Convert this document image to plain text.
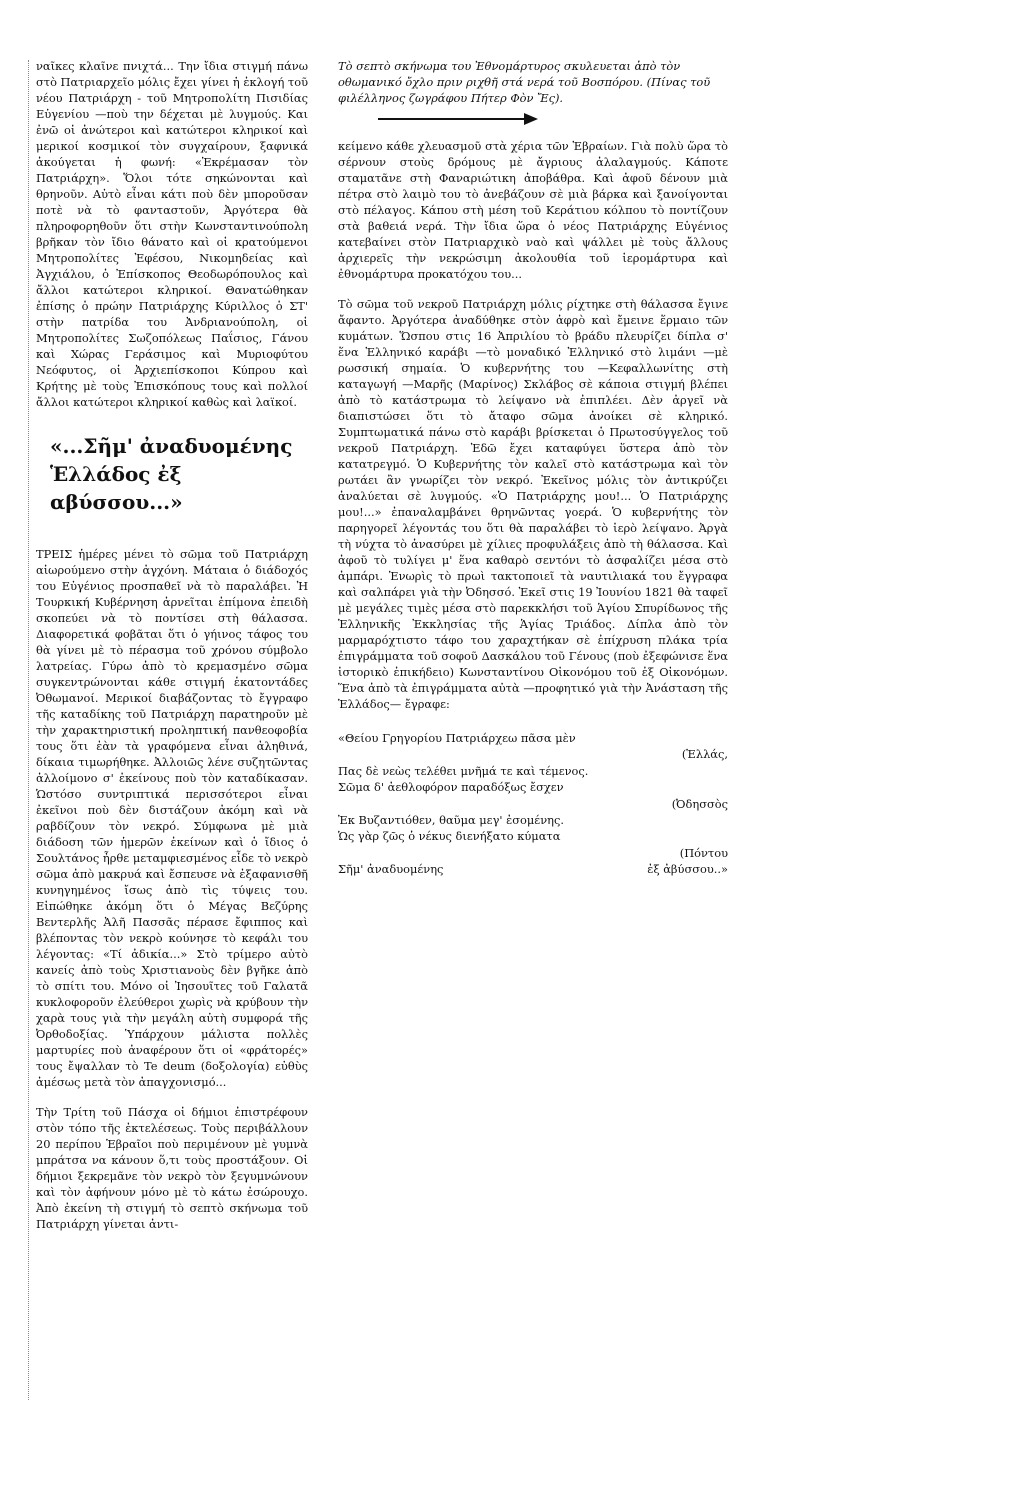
ναῖκες κλαῖνε πνιχτά... Την ἴδια στιγμή πάνω στὸ Πατριαρχεῖο μόλις ἔχει γίνει ἡ ἐκλογή τοῦ νέου Πατριάρχη - τοῦ Μητροπολίτη Πισιδίας Εὐγενίου —ποὺ την δέχεται μὲ λυγμούς. Και ἐνῶ οἱ ἀνώτεροι καὶ κατώτεροι κληρικοί καὶ μερικοί κοσμικοί τὸν συγχαίρουν, ξαφνικά ἀκούγεται ἡ φωνή: «Ἐκρέμασαν τὸν Πατριάρχη». Ὅλοι τότε σηκώνονται καὶ θρηνοῦν. Αὐτὸ εἶναι κάτι ποὺ δὲν μποροῦσαν ποτὲ νὰ τὸ φανταστοῦν, Ἀργότερα θὰ πληροφορηθοῦν ὅτι στὴν Κωνσταντινούπολη βρῆκαν τὸν ἴδιο θάνατο καὶ οἱ κρατούμενοι Μητροπολίτες Ἐφέσου, Νικομηδείας καὶ Ἀγχιάλου, ὁ Ἐπίσκοπος Θεοδωρόπουλος καὶ ἄλλοι κατώτεροι κληρικοί. Θανατώθηκαν ἐπίσης ὁ πρώην Πατριάρχης Κύριλλος ὁ ΣΤ' στὴν πατρίδα του Ἀνδριανούπολη, οἱ Μητροπολίτες Σωζοπόλεως Παΐσιος, Γάνου καὶ Χώρας Γεράσιμος καὶ Μυριοφύτου Νεόφυτος, οἱ Ἀρχιεπίσκοποι Κύπρου καὶ Κρήτης μὲ τοὺς Ἐπισκόπους τους καὶ πολλοί ἄλλοι κατώτεροι κληρικοί καθὼς καὶ λαϊκοί.

«...Σῆμ' ἀναδυομένης Ἑλλάδος ἐξ αβύσσου...»

ΤΡΕΙΣ ἡμέρες μένει τὸ σῶμα τοῦ Πατριάρχη αἰωρούμενο στὴν ἀγχόνη. Μάταια ὁ διάδοχός του Εὐγένιος προσπαθεῖ νὰ τὸ παραλάβει. Ἡ Τουρκική Κυβέρνηση ἀρνεῖται ἐπίμονα ἐπειδὴ σκοπεύει νὰ τὸ ποντίσει στὴ θάλασσα. Διαφορετικά φοβᾶται ὅτι ὁ γήινος τάφος του θὰ γίνει μὲ τὸ πέρασμα τοῦ χρόνου σύμβολο λατρείας. Γύρω ἀπὸ τὸ κρεμασμένο σῶμα συγκεντρώνονται κάθε στιγμή ἑκατοντάδες Ὀθωμανοί. Μερικοί διαβάζοντας τὸ ἔγγραφο τῆς καταδίκης τοῦ Πατριάρχη παρατηροῦν μὲ τὴν χαρακτηριστική προληπτική πανθεοφοβία τους ὅτι ἐὰν τὰ γραφόμενα εἶναι ἀληθινά, δίκαια τιμωρήθηκε. Ἀλλοιῶς λένε συζητῶντας ἀλλοίμονο σ' ἐκείνους ποὺ τὸν καταδίκασαν. Ὡστόσο συντριπτικά περισσότεροι εἶναι ἐκεῖνοι ποὺ δὲν διστάζουν ἀκόμη καὶ νὰ ραβδίζουν τὸν νεκρό. Σύμφωνα μὲ μιὰ διάδοση τῶν ἡμερῶν ἐκείνων καὶ ὁ ἴδιος ὁ Σουλτάνος ἦρθε μεταμφιεσμένος εἶδε τὸ νεκρὸ σῶμα ἀπὸ μακρυά καὶ ἔσπευσε νὰ ἐξαφανισθῆ κυνηγημένος ἴσως ἀπὸ τὶς τύψεις του. Εἰπώθηκε ἀκόμη ὅτι ὁ Μέγας Βεζύρης Βεντερλῆς Ἀλῆ Πασσᾶς πέρασε ἔφιππος καὶ βλέποντας τὸν νεκρὸ κούνησε τὸ κεφάλι του λέγοντας: «Τί ἀδικία...» Στὸ τρίμερο αὐτὸ κανείς ἀπὸ τοὺς Χριστιανοὺς δὲν βγῆκε ἀπὸ τὸ σπίτι του. Μόνο οἱ Ἰησουῖτες τοῦ Γαλατᾶ κυκλοφοροῦν ἐλεύθεροι χωρὶς νὰ κρύβουν τὴν χαρὰ τους γιὰ τὴν μεγάλη αὐτὴ συμφορά τῆς Ὀρθοδοξίας. Ὑπάρχουν μάλιστα πολλὲς μαρτυρίες ποὺ ἀναφέρουν ὅτι οἱ «φράτορές» τους ἔψαλλαν τὸ Te deum (δοξολογία) εὐθὺς ἀμέσως μετὰ τὸν ἀπαγχονισμό...

Τὴν Τρίτη τοῦ Πάσχα οἱ δήμιοι ἐπιστρέφουν στὸν τόπο τῆς ἐκτελέσεως. Τοὺς περιβάλλουν 20 περίπου Ἑβραῖοι ποὺ περιμένουν μὲ γυμνὰ μπράτσα να κάνουν ὅ,τι τοὺς προστάξουν. Οἱ δήμιοι ξεκρεμᾶνε τὸν νεκρὸ τὸν ξεγυμνώνουν καὶ τὸν ἀφήνουν μόνο μὲ τὸ κάτω ἐσώρουχο. Ἀπὸ ἐκείνη τὴ στιγμή τὸ σεπτὸ σκήνωμα τοῦ Πατριάρχη γίνεται ἀντι-

Τὸ σεπτὸ σκήνωμα του Ἐθνομάρτυρος σκυλευεται ἀπὸ τὸν οθωμανικό ὄχλο πριν ριχθῆ στά νερά τοῦ Βοσπόρου. (Πίνας τοῦ φιλέλληνος ζωγράφου Πήτερ Φὸν Ἔς).

κείμενο κάθε χλευασμοῦ στὰ χέρια τῶν Ἑβραίων. Γιὰ πολὺ ὥρα τὸ σέρνουν στοὺς δρόμους μὲ ἄγριους ἀλαλαγμούς. Κάποτε σταματᾶνε στὴ Φαναριώτικη ἀποβάθρα. Καὶ ἀφοῦ δένουν μιὰ πέτρα στὸ λαιμὸ του τὸ ἀνεβάζουν σὲ μιὰ βάρκα καὶ ξανοίγονται στὸ πέλαγος. Κάπου στὴ μέση τοῦ Κεράτιου κόλπου τὸ ποντίζουν στὰ βαθειά νερά. Τὴν ἴδια ὥρα ὁ νέος Πατριάρχης Εὐγένιος κατεβαίνει στὸν Πατριαρχικὸ ναὸ καὶ ψάλλει μὲ τοὺς ἄλλους ἀρχιερεῖς τὴν νεκρώσιμη ἀκολουθία τοῦ ἱερομάρτυρα καὶ ἐθνομάρτυρα προκατόχου του...

Τὸ σῶμα τοῦ νεκροῦ Πατριάρχη μόλις ρίχτηκε στὴ θάλασσα ἔγινε ἄφαντο. Ἀργότερα ἀναδύθηκε στὸν ἀφρὸ καὶ ἔμεινε ἕρμαιο τῶν κυμάτων. Ὥσπου στις 16 Ἀπριλίου τὸ βράδυ πλευρίζει δίπλα σ' ἕνα Ἑλληνικό καράβι —τὸ μοναδικό Ἑλληνικό στὸ λιμάνι —μὲ ρωσσική σημαία. Ὁ κυβερνήτης του —Κεφαλλωνίτης στὴ καταγωγή —Μαρῆς (Μαρίνος) Σκλάβος σὲ κάποια στιγμή βλέπει ἀπὸ τὸ κατάστρωμα τὸ λείψανο νὰ ἐπιπλέει. Δὲν ἀργεῖ νὰ διαπιστώσει ὅτι τὸ ἄταφο σῶμα ἀνοίκει σὲ κληρικό. Συμπτωματικά πάνω στὸ καράβι βρίσκεται ὁ Πρωτοσύγγελος τοῦ νεκροῦ Πατριάρχη. Ἐδῶ ἔχει καταφύγει ὕστερα ἀπὸ τὸν κατατρεγμό. Ὁ Κυβερνήτης τὸν καλεῖ στὸ κατάστρωμα καὶ τὸν ρωτάει ἂν γνωρίζει τὸν νεκρό. Ἐκεῖνος μόλις τὸν ἀντικρύζει ἀναλύεται σὲ λυγμούς. «Ὁ Πατριάρχης μου!... Ὁ Πατριάρχης μου!...» ἐπαναλαμβάνει θρηνῶντας γοερά. Ὁ κυβερνήτης τὸν παρηγορεῖ λέγοντάς του ὅτι θὰ παραλάβει τὸ ἱερὸ λείψανο. Ἀργὰ τὴ νύχτα τὸ ἀνασύρει μὲ χίλιες προφυλάξεις ἀπὸ τὴ θάλασσα. Καὶ ἀφοῦ τὸ τυλίγει μ' ἕνα καθαρὸ σεντόνι τὸ ἀσφαλίζει μέσα στὸ ἀμπάρι. Ἐνωρὶς τὸ πρωὶ τακτοποιεῖ τὰ ναυτιλιακά του ἔγγραφα καὶ σαλπάρει γιὰ τὴν Ὀδησσό. Ἐκεῖ στις 19 Ἰουνίου 1821 θὰ ταφεῖ μὲ μεγάλες τιμὲς μέσα στὸ παρεκκλήσι τοῦ Ἁγίου Σπυρίδωνος τῆς Ἑλληνικῆς Ἐκκλησίας τῆς Ἁγίας Τριάδος. Δίπλα ἀπὸ τὸν μαρμαρόχτιστο τάφο του χαραχτήκαν σὲ ἐπίχρυση πλάκα τρία ἐπιγράμματα τοῦ σοφοῦ Δασκάλου τοῦ Γένους (ποὺ ἐξεφώνισε ἕνα ἱστορικὸ ἐπικήδειο) Κωνσταντίνου Οἰκονόμου τοῦ ἐξ Οἰκονόμων. Ἕνα ἀπὸ τὰ ἐπιγράμματα αὐτὰ —προφητικό γιὰ τὴν Ἀνάσταση τῆς Ἑλλάδος— ἔγραφε:

«Θείου Γρηγορίου Πατριάρχεω πᾶσα μὲν
(Ἑλλάς,
Πας δὲ νεὼς τελέθει μνῆμά τε καὶ τέμενος.
Σῶμα δ' ἀεθλοφόρον παραδόξως ἔσχεν
(Ὀδησσὸς
Ἐκ Βυζαντιόθεν, θαῦμα μεγ' ἐσομένης.
Ὡς γὰρ ζῶς ὁ νέκυς διενήξατο κύματα
(Πόντου
Σῆμ' ἀναδυομένης	ἐξ ἀβύσσου..»
